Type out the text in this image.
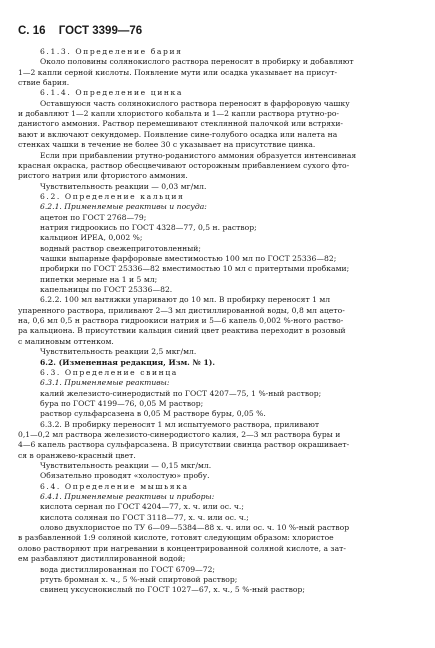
С. 16 ГОСТ 3399—76
6.1.3. Определение бария
Около половины солянокислого раствора переносят в пробирку и добавляют
1—2 капли серной кислоты. Появление мути или осадка указывает на присут-
ствие бария.
6.1.4. Определение цинка
Оставшуюся часть солянокислого раствора переносят в фарфоровую чашку
и добавляют 1—2 капли хлористого кобальта и 1—2 капли раствора ртутно-ро-
данистого аммония. Раствор перемешивают стеклянной палочкой или встряхи-
вают и включают секундомер. Появление сине-голубого осадка или налета на
стенках чашки в течение не более 30 с указывает на присутствие цинка.
Если при прибавлении ртутно-роданистого аммония образуется интенсивная
красная окраска, раствор обесцвечивают осторожным прибавлением сухого фто-
ристого натрия или фтористого аммония.
Чувствительность реакции — 0,03 мг/мл.
6.2. Определение кальция
6.2.1. Применяемые реактивы и посуда:
ацетон по ГОСТ 2768—79;
натрия гидроокись по ГОСТ 4328—77, 0,5 н. раствор;
кальцион ИРЕА, 0,002 %;
водный раствор свежеприготовленный;
чашки выпарные фарфоровые вместимостью 100 мл по ГОСТ 25336—82;
пробирки по ГОСТ 25336—82 вместимостью 10 мл с притертыми пробками;
пипетки мерные на 1 и 5 мл;
капельницы по ГОСТ 25336—82.
6.2.2. 100 мл вытяжки упаривают до 10 мл. В пробирку переносят 1 мл
упаренного раствора, приливают 2—3 мл дистиллированной воды, 0,8 мл ацето-
на, 0,6 мл 0,5 н раствора гидроокиси натрия и 5—6 капель 0,002 %-ного раство-
ра кальциона. В присутствии кальция синий цвет реактива переходит в розовый
с малиновым оттенком.
Чувствительность реакции 2,5 мкг/мл.
6.2. (Измененная редакция, Изм. № 1).
6.3. Определение свинца
6.3.1. Применяемые реактивы:
калий железисто-синеродистый по ГОСТ 4207—75, 1 %-ный раствор;
бура по ГОСТ 4199—76, 0,05 М раствор;
раствор сульфарсазена в 0,05 М растворе буры, 0,05 %.
6.3.2. В пробирку переносят 1 мл испытуемого раствора, приливают
0,1—0,2 мл раствора железисто-синеродистого калия, 2—3 мл раствора буры и
4—6 капель раствора сульфарсазена. В присутствии свинца раствор окрашивает-
ся в оранжево-красный цвет.
Чувствительность реакции — 0,15 мкг/мл.
Обязательно проводят «холостую» пробу.
6.4. Определение мышьяка
6.4.1. Применяемые реактивы и приборы:
кислота серная по ГОСТ 4204—77, х. ч. или ос. ч.;
кислота соляная по ГОСТ 3118—77, х. ч. или ос. ч.;
олово двухлористое по ТУ 6—09—5384—88 х. ч. или ос. ч. 10 %-ный раствор
в разбавленной 1:9 соляной кислоте, готовят следующим образом: хлористое
олово растворяют при нагревании в концентрированной соляной кислоте, а зат-
ем разбавляют дистиллированной водой;
вода дистиллированная по ГОСТ 6709—72;
ртуть бромная х. ч., 5 %-ный спиртовой раствор;
свинец уксуснокислый по ГОСТ 1027—67, х. ч., 5 %-ный раствор;
